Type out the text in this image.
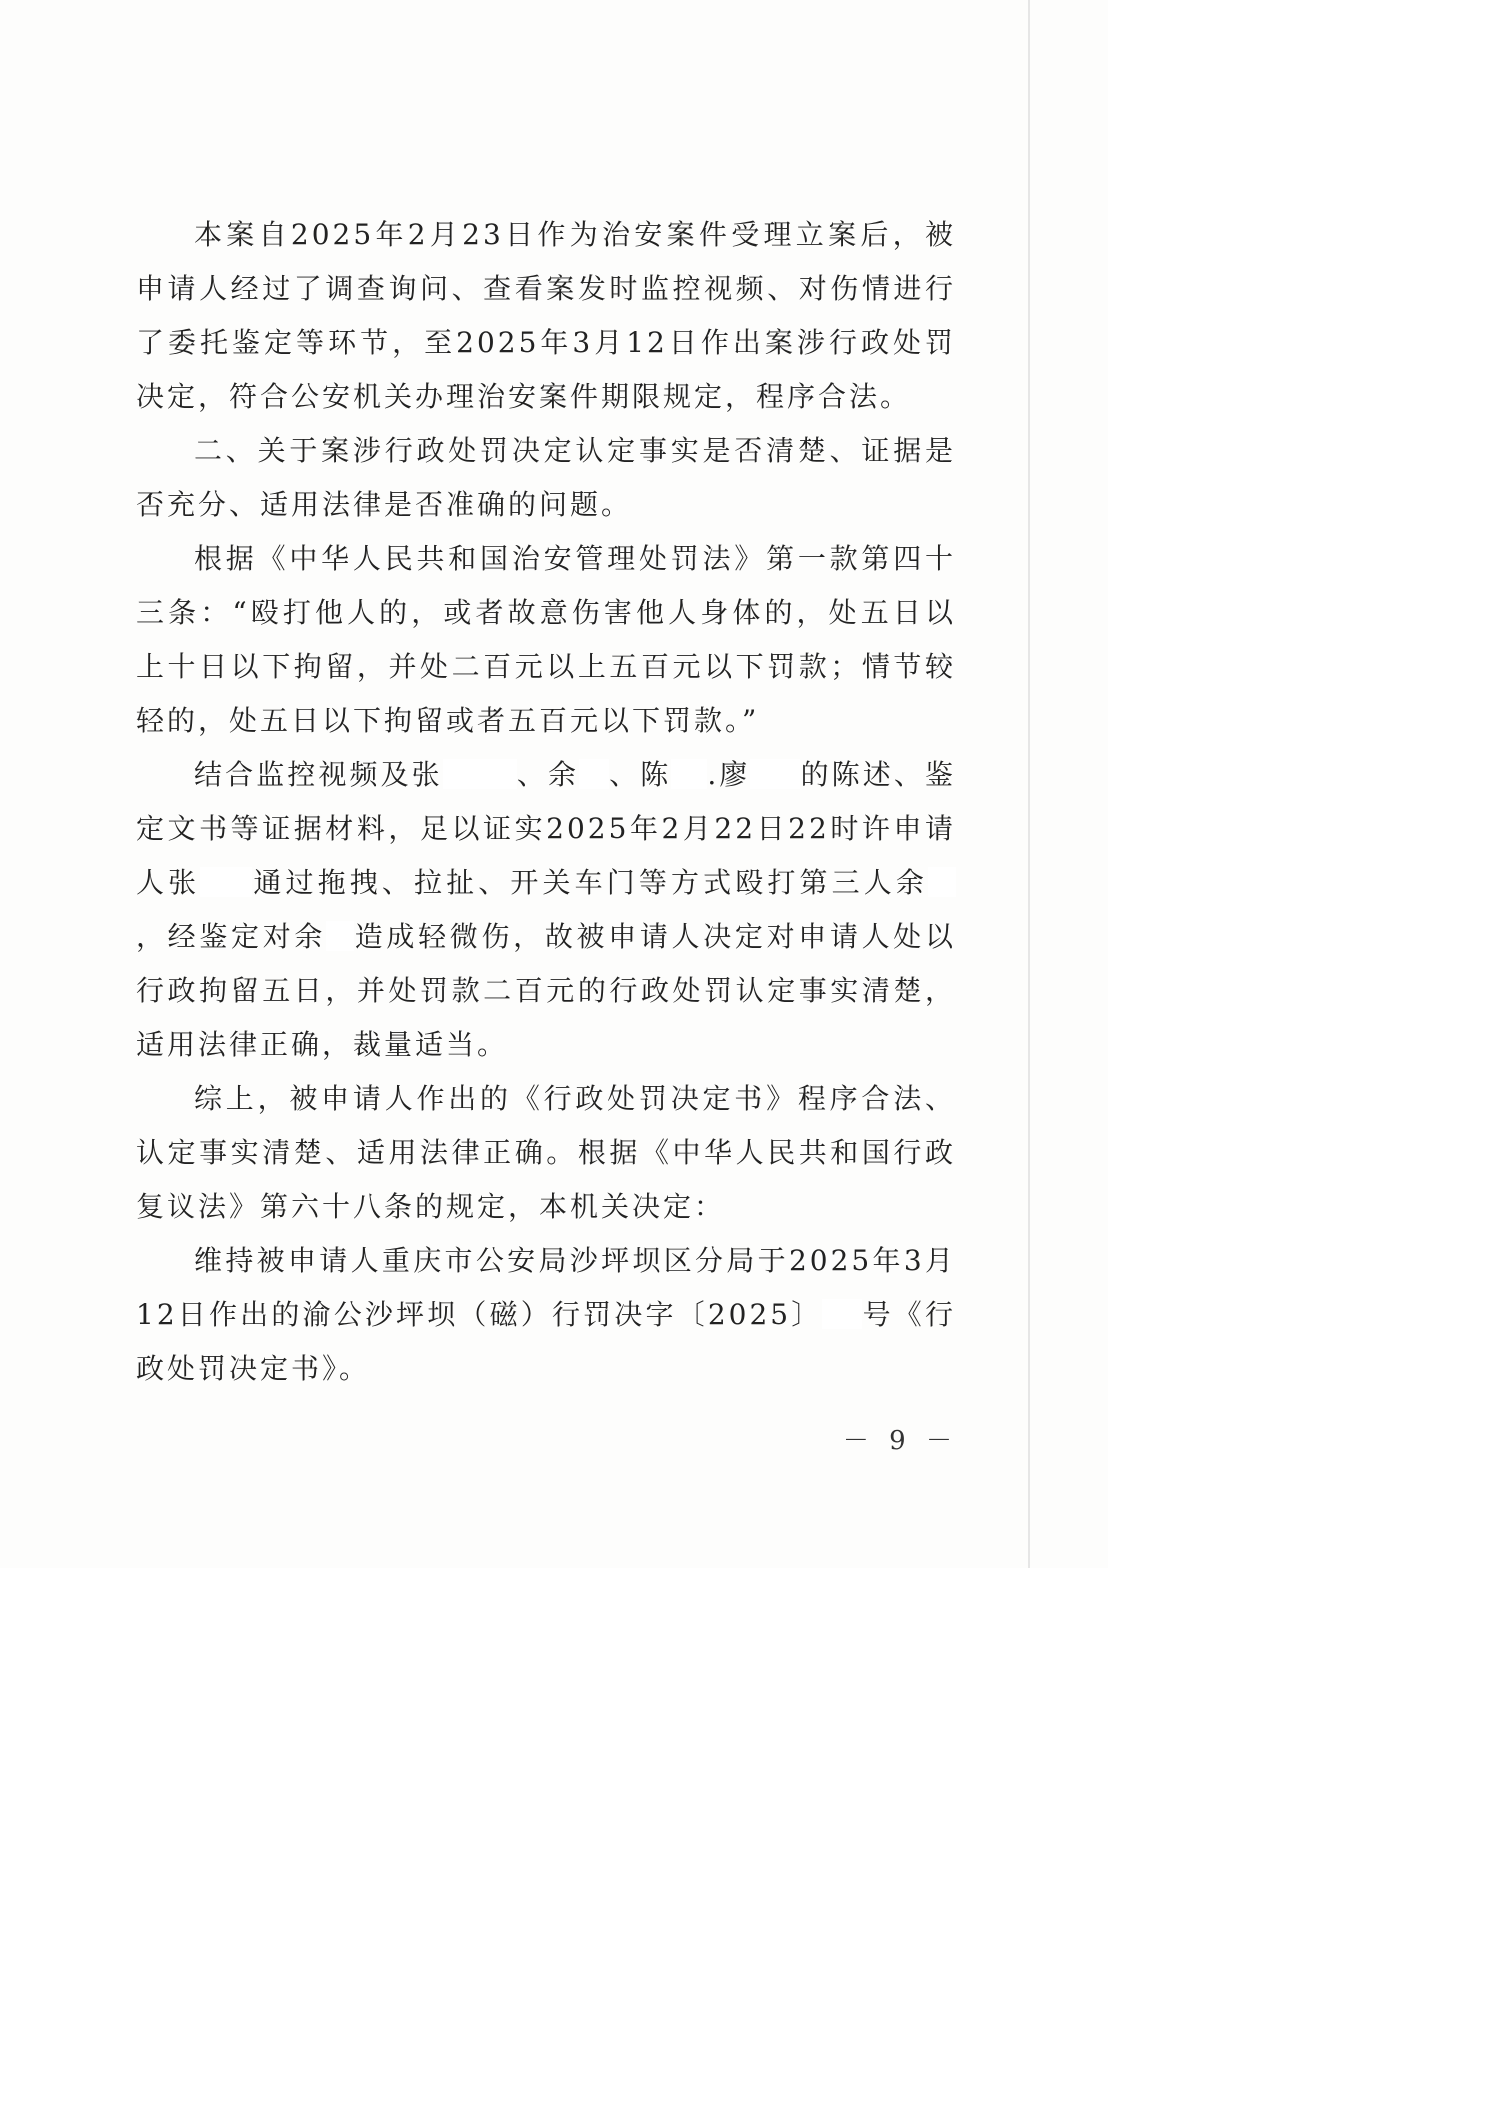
本案自2025年2月23日作为治安案件受理立案后，被申请人经过了调查询问、查看案发时监控视频、对伤情进行了委托鉴定等环节，至2025年3月12日作出案涉行政处罚决定，符合公安机关办理治安案件期限规定，程序合法。

二、关于案涉行政处罚决定认定事实是否清楚、证据是否充分、适用法律是否准确的问题。

根据《中华人民共和国治安管理处罚法》第一款第四十三条：“殴打他人的，或者故意伤害他人身体的，处五日以上十日以下拘留，并处二百元以上五百元以下罚款；情节较轻的，处五日以下拘留或者五百元以下罚款。”

结合监控视频及张	、余 、陈 .廖 的陈述、鉴定文书等证据材料，足以证实2025年2月22日22时许申请人张 通过拖拽、拉扯、开关车门等方式殴打第三人余，经鉴定对余 造成轻微伤，故被申请人决定对申请人处以行政拘留五日，并处罚款二百元的行政处罚认定事实清楚，适用法律正确，裁量适当。

综上，被申请人作出的《行政处罚决定书》程序合法、认定事实清楚、适用法律正确。根据《中华人民共和国行政复议法》第六十八条的规定，本机关决定：

维持被申请人重庆市公安局沙坪坝区分局于2025年3月12日作出的渝公沙坪坝（磁）行罚决字〔2025〕 号《行政处罚决定书》。

－ 9 －
